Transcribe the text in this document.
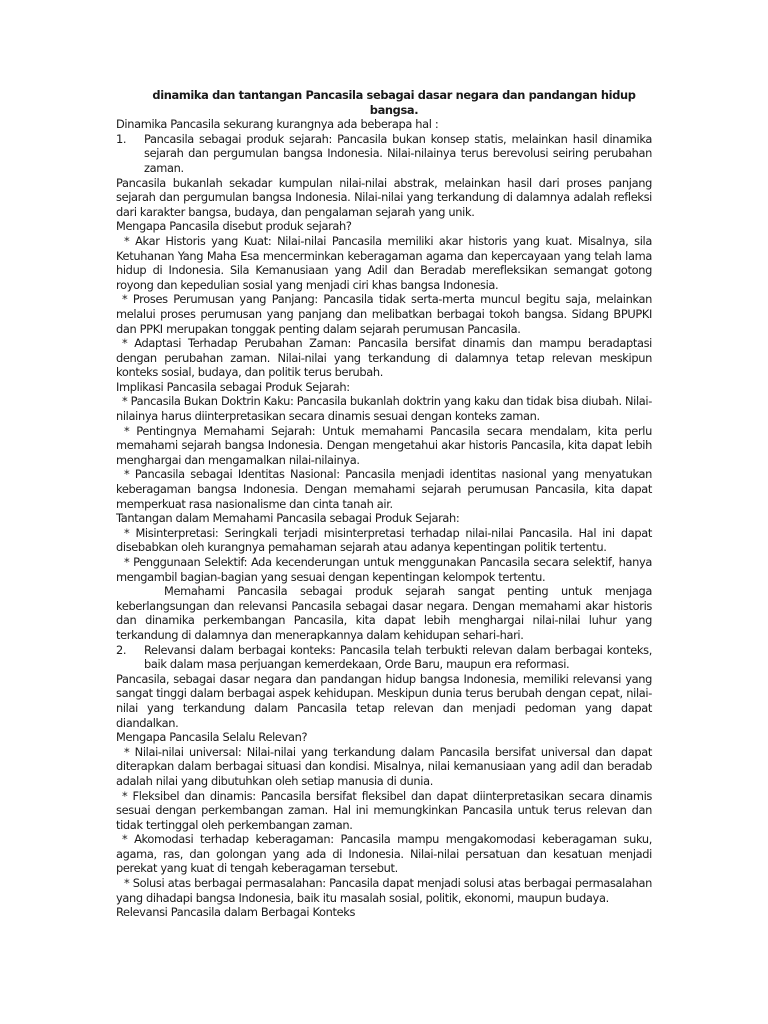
dinamika dan tantangan Pancasila sebagai dasar negara dan pandangan hidup bangsa.

Dinamika Pancasila sekurang kurangnya ada beberapa hal :

1.	Pancasila sebagai produk sejarah: Pancasila bukan konsep statis, melainkan hasil dinamika sejarah dan pergumulan bangsa Indonesia. Nilai-nilainya terus berevolusi seiring perubahan zaman.

Pancasila bukanlah sekadar kumpulan nilai-nilai abstrak, melainkan hasil dari proses panjang sejarah dan pergumulan bangsa Indonesia. Nilai-nilai yang terkandung di dalamnya adalah refleksi dari karakter bangsa, budaya, dan pengalaman sejarah yang unik.

Mengapa Pancasila disebut produk sejarah?

* Akar Historis yang Kuat: Nilai-nilai Pancasila memiliki akar historis yang kuat. Misalnya, sila Ketuhanan Yang Maha Esa mencerminkan keberagaman agama dan kepercayaan yang telah lama hidup di Indonesia. Sila Kemanusiaan yang Adil dan Beradab merefleksikan semangat gotong royong dan kepedulian sosial yang menjadi ciri khas bangsa Indonesia.

* Proses Perumusan yang Panjang: Pancasila tidak serta-merta muncul begitu saja, melainkan melalui proses perumusan yang panjang dan melibatkan berbagai tokoh bangsa. Sidang BPUPKI dan PPKI merupakan tonggak penting dalam sejarah perumusan Pancasila.

* Adaptasi Terhadap Perubahan Zaman: Pancasila bersifat dinamis dan mampu beradaptasi dengan perubahan zaman. Nilai-nilai yang terkandung di dalamnya tetap relevan meskipun konteks sosial, budaya, dan politik terus berubah.

Implikasi Pancasila sebagai Produk Sejarah:

* Pancasila Bukan Doktrin Kaku: Pancasila bukanlah doktrin yang kaku dan tidak bisa diubah. Nilai-nilainya harus diinterpretasikan secara dinamis sesuai dengan konteks zaman.

* Pentingnya Memahami Sejarah: Untuk memahami Pancasila secara mendalam, kita perlu memahami sejarah bangsa Indonesia. Dengan mengetahui akar historis Pancasila, kita dapat lebih menghargai dan mengamalkan nilai-nilainya.

* Pancasila sebagai Identitas Nasional: Pancasila menjadi identitas nasional yang menyatukan keberagaman bangsa Indonesia. Dengan memahami sejarah perumusan Pancasila, kita dapat memperkuat rasa nasionalisme dan cinta tanah air.

Tantangan dalam Memahami Pancasila sebagai Produk Sejarah:

* Misinterpretasi: Seringkali terjadi misinterpretasi terhadap nilai-nilai Pancasila. Hal ini dapat disebabkan oleh kurangnya pemahaman sejarah atau adanya kepentingan politik tertentu.

* Penggunaan Selektif: Ada kecenderungan untuk menggunakan Pancasila secara selektif, hanya mengambil bagian-bagian yang sesuai dengan kepentingan kelompok tertentu.

Memahami Pancasila sebagai produk sejarah sangat penting untuk menjaga keberlangsungan dan relevansi Pancasila sebagai dasar negara. Dengan memahami akar historis dan dinamika perkembangan Pancasila, kita dapat lebih menghargai nilai-nilai luhur yang terkandung di dalamnya dan menerapkannya dalam kehidupan sehari-hari.

2.	Relevansi dalam berbagai konteks: Pancasila telah terbukti relevan dalam berbagai konteks, baik dalam masa perjuangan kemerdekaan, Orde Baru, maupun era reformasi.

Pancasila, sebagai dasar negara dan pandangan hidup bangsa Indonesia, memiliki relevansi yang sangat tinggi dalam berbagai aspek kehidupan. Meskipun dunia terus berubah dengan cepat, nilai-nilai yang terkandung dalam Pancasila tetap relevan dan menjadi pedoman yang dapat diandalkan.

Mengapa Pancasila Selalu Relevan?

* Nilai-nilai universal: Nilai-nilai yang terkandung dalam Pancasila bersifat universal dan dapat diterapkan dalam berbagai situasi dan kondisi. Misalnya, nilai kemanusiaan yang adil dan beradab adalah nilai yang dibutuhkan oleh setiap manusia di dunia.

* Fleksibel dan dinamis: Pancasila bersifat fleksibel dan dapat diinterpretasikan secara dinamis sesuai dengan perkembangan zaman. Hal ini memungkinkan Pancasila untuk terus relevan dan tidak tertinggal oleh perkembangan zaman.

* Akomodasi terhadap keberagaman: Pancasila mampu mengakomodasi keberagaman suku, agama, ras, dan golongan yang ada di Indonesia. Nilai-nilai persatuan dan kesatuan menjadi perekat yang kuat di tengah keberagaman tersebut.

* Solusi atas berbagai permasalahan: Pancasila dapat menjadi solusi atas berbagai permasalahan yang dihadapi bangsa Indonesia, baik itu masalah sosial, politik, ekonomi, maupun budaya.

Relevansi Pancasila dalam Berbagai Konteks
